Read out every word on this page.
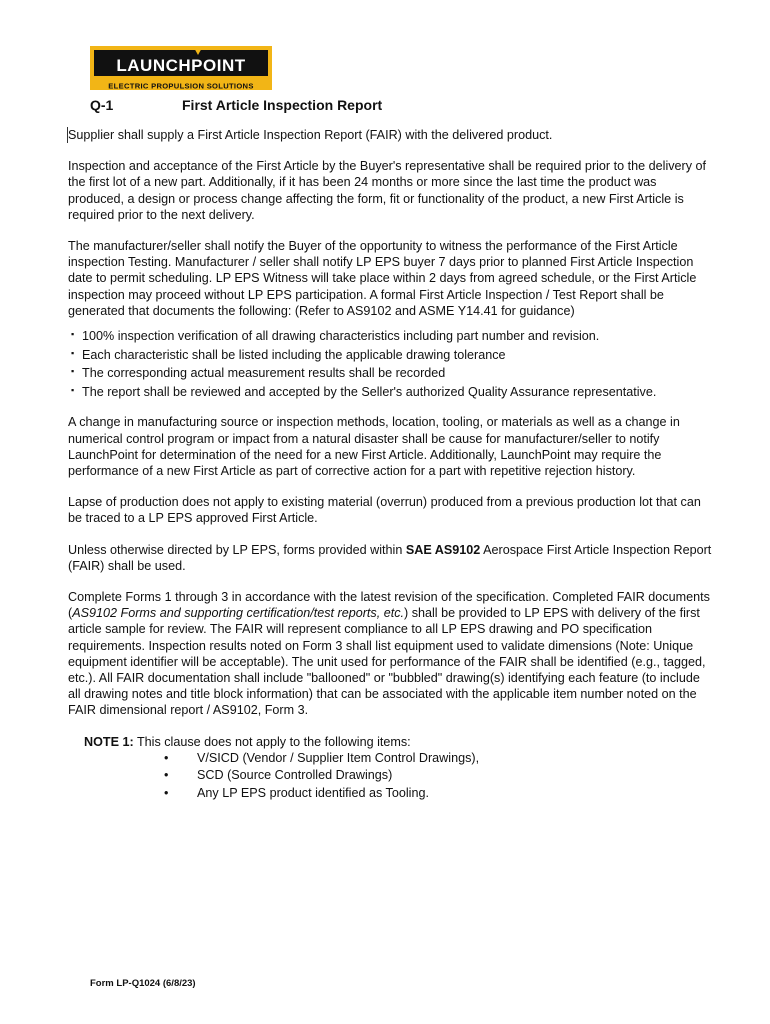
LAUNCHPOINT
ELECTRIC PROPULSION SOLUTIONS
Q-1	First Article Inspection Report

Supplier shall supply a First Article Inspection Report (FAIR) with the delivered product.

Inspection and acceptance of the First Article by the Buyer's representative shall be required prior to the delivery of the first lot of a new part. Additionally, if it has been 24 months or more since the last time the product was produced, a design or process change affecting the form, fit or functionality of the product, a new First Article is required prior to the next delivery.

The manufacturer/seller shall notify the Buyer of the opportunity to witness the performance of the First Article inspection Testing. Manufacturer / seller shall notify LP EPS buyer 7 days prior to planned First Article Inspection date to permit scheduling. LP EPS Witness will take place within 2 days from agreed schedule, or the First Article inspection may proceed without LP EPS participation. A formal First Article Inspection / Test Report shall be generated that documents the following: (Refer to AS9102 and ASME Y14.41 for guidance)

▪ 100% inspection verification of all drawing characteristics including part number and revision.
▪ Each characteristic shall be listed including the applicable drawing tolerance
▪ The corresponding actual measurement results shall be recorded
▪ The report shall be reviewed and accepted by the Seller's authorized Quality Assurance representative.

A change in manufacturing source or inspection methods, location, tooling, or materials as well as a change in numerical control program or impact from a natural disaster shall be cause for manufacturer/seller to notify LaunchPoint for determination of the need for a new First Article. Additionally, LaunchPoint may require the performance of a new First Article as part of corrective action for a part with repetitive rejection history.

Lapse of production does not apply to existing material (overrun) produced from a previous production lot that can be traced to a LP EPS approved First Article.

Unless otherwise directed by LP EPS, forms provided within SAE AS9102 Aerospace First Article Inspection Report (FAIR) shall be used.

Complete Forms 1 through 3 in accordance with the latest revision of the specification. Completed FAIR documents (AS9102 Forms and supporting certification/test reports, etc.) shall be provided to LP EPS with delivery of the first article sample for review. The FAIR will represent compliance to all LP EPS drawing and PO specification requirements. Inspection results noted on Form 3 shall list equipment used to validate dimensions (Note: Unique equipment identifier will be acceptable). The unit used for performance of the FAIR shall be identified (e.g., tagged, etc.). All FAIR documentation shall include "ballooned" or "bubbled" drawing(s) identifying each feature (to include all drawing notes and title block information) that can be associated with the applicable item number noted on the FAIR dimensional report / AS9102, Form 3.

NOTE 1: This clause does not apply to the following items:
• V/SICD (Vendor / Supplier Item Control Drawings),
• SCD (Source Controlled Drawings)
• Any LP EPS product identified as Tooling.
Form LP-Q1024 (6/8/23)
